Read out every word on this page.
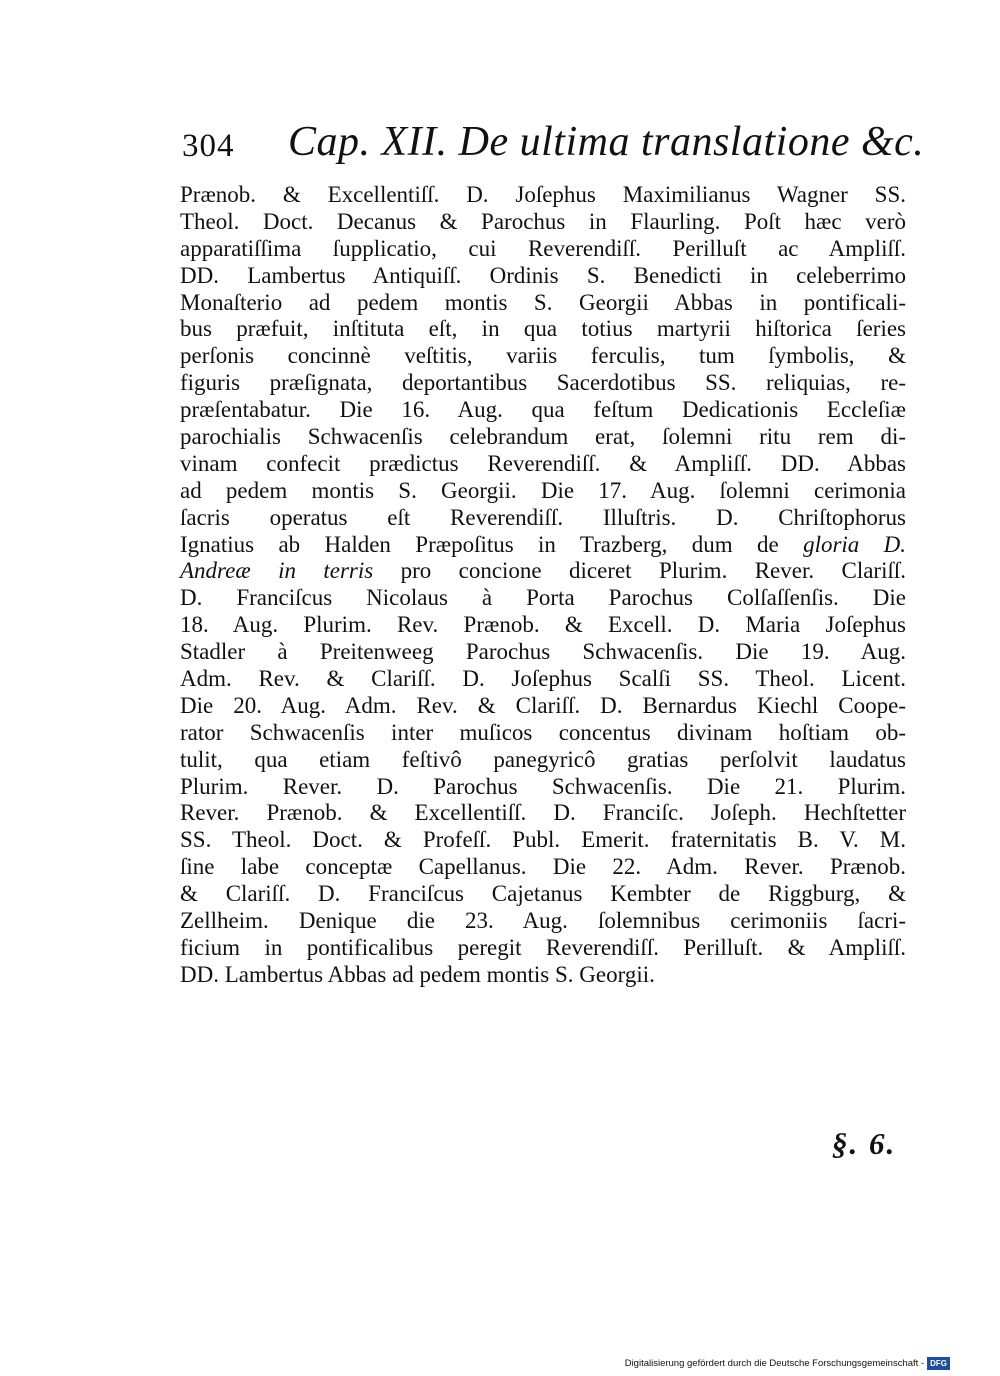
304 Cap. XII. De ultima translatione &c.
Prænob. & Excellentiſſ. D. Joſephus Maximilianus Wagner SS.
Theol. Doct. Decanus & Parochus in Flaurling. Poſt hæc verò
apparatiſſima ſupplicatio, cui Reverendiſſ. Perilluſt ac Ampliſſ.
DD. Lambertus Antiquiſſ. Ordinis S. Benedicti in celeberrimo
Monaſterio ad pedem montis S. Georgii Abbas in pontificali-
bus præfuit, inſtituta eſt, in qua totius martyrii hiſtorica ſeries
perſonis concinnè veſtitis, variis ferculis, tum ſymbolis, &
figuris præſignata, deportantibus Sacerdotibus SS. reliquias, re-
præſentabatur. Die 16. Aug. qua feſtum Dedicationis Eccleſiæ
parochialis Schwacenſis celebrandum erat, ſolemni ritu rem di-
vinam confecit prædictus Reverendiſſ. & Ampliſſ. DD. Abbas
ad pedem montis S. Georgii. Die 17. Aug. ſolemni cerimonia
ſacris operatus eſt Reverendiſſ. Illuſtris. D. Chriſtophorus
Ignatius ab Halden Præpoſitus in Trazberg, dum de gloria D.
Andreæ in terris pro concione diceret Plurim. Rever. Clariſſ.
D. Franciſcus Nicolaus à Porta Parochus Colſaſſenſis. Die
18. Aug. Plurim. Rev. Prænob. & Excell. D. Maria Joſephus
Stadler à Preitenweeg Parochus Schwacenſis. Die 19. Aug.
Adm. Rev. & Clariſſ. D. Joſephus Scalſi SS. Theol. Licent.
Die 20. Aug. Adm. Rev. & Clariſſ. D. Bernardus Kiechl Coope-
rator Schwacenſis inter muſicos concentus divinam hoſtiam ob-
tulit, qua etiam feſtivô panegyricô gratias perſolvit laudatus
Plurim. Rever. D. Parochus Schwacenſis. Die 21. Plurim.
Rever. Prænob. & Excellentiſſ. D. Franciſc. Joſeph. Hechſtetter
SS. Theol. Doct. & Profeſſ. Publ. Emerit. fraternitatis B. V. M.
ſine labe conceptæ Capellanus. Die 22. Adm. Rever. Prænob.
& Clariſſ. D. Franciſcus Cajetanus Kembter de Riggburg, &
Zellheim. Denique die 23. Aug. ſolemnibus cerimoniis ſacri-
ficium in pontificalibus peregit Reverendiſſ. Perilluſt. & Ampliſſ.
DD. Lambertus Abbas ad pedem montis S. Georgii.
§. 6.
Digitalisierung gefördert durch die Deutsche Forschungsgemeinschaft - DFG
